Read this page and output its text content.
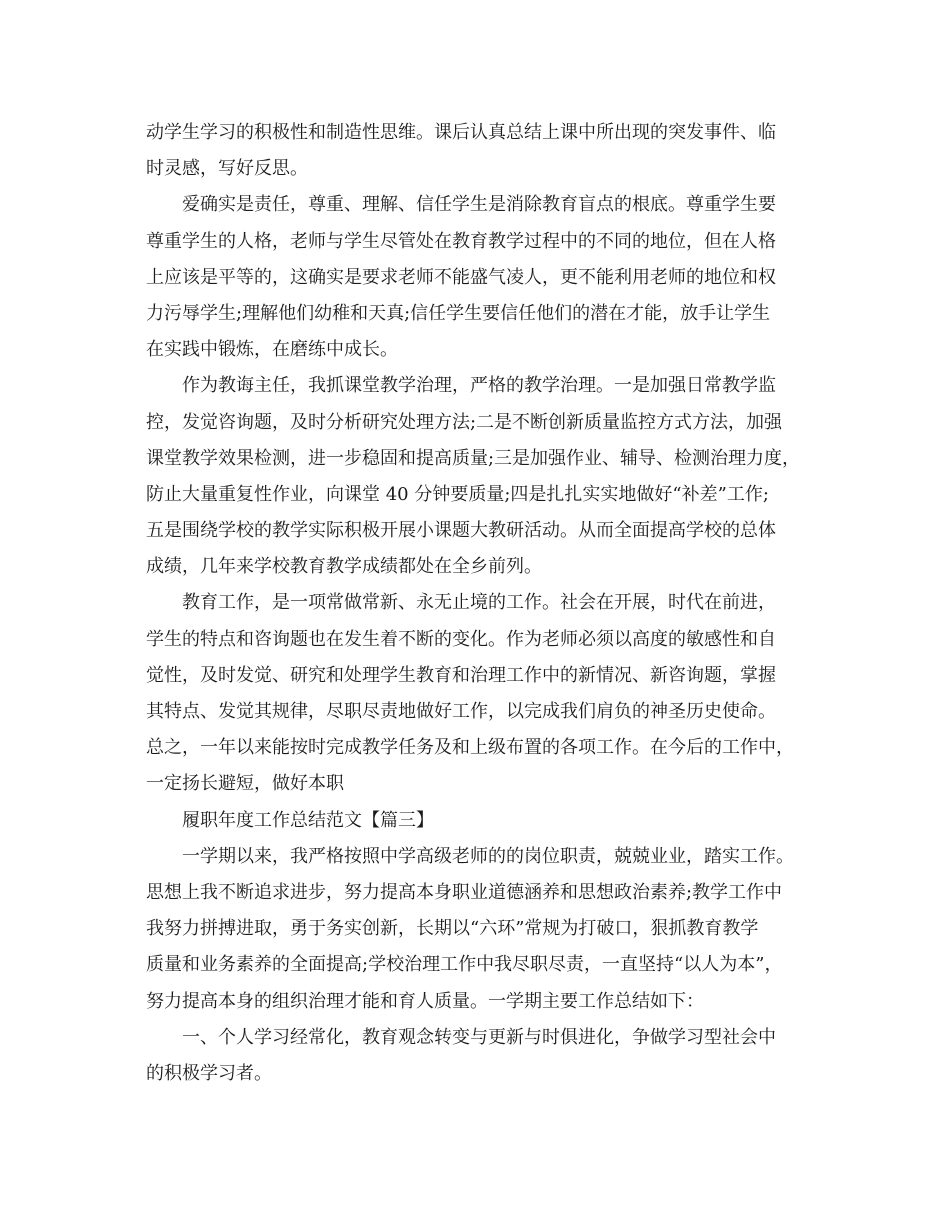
动学生学习的积极性和制造性思维。课后认真总结上课中所出现的突发事件、临
时灵感，写好反思。
爱确实是责任，尊重、理解、信任学生是消除教育盲点的根底。尊重学生要
尊重学生的人格，老师与学生尽管处在教育教学过程中的不同的地位，但在人格
上应该是平等的，这确实是要求老师不能盛气凌人，更不能利用老师的地位和权
力污辱学生;理解他们幼稚和天真;信任学生要信任他们的潜在才能，放手让学生
在实践中锻炼，在磨练中成长。
作为教诲主任，我抓课堂教学治理，严格的教学治理。一是加强日常教学监
控，发觉咨询题，及时分析研究处理方法;二是不断创新质量监控方式方法，加强
课堂教学效果检测，进一步稳固和提高质量;三是加强作业、辅导、检测治理力度，
防止大量重复性作业，向课堂 40 分钟要质量;四是扎扎实实地做好“补差”工作;
五是围绕学校的教学实际积极开展小课题大教研活动。从而全面提高学校的总体
成绩，几年来学校教育教学成绩都处在全乡前列。
教育工作，是一项常做常新、永无止境的工作。社会在开展，时代在前进，
学生的特点和咨询题也在发生着不断的变化。作为老师必须以高度的敏感性和自
觉性，及时发觉、研究和处理学生教育和治理工作中的新情况、新咨询题，掌握
其特点、发觉其规律，尽职尽责地做好工作，以完成我们肩负的神圣历史使命。
总之，一年以来能按时完成教学任务及和上级布置的各项工作。在今后的工作中，
一定扬长避短，做好本职
履职年度工作总结范文【篇三】
一学期以来，我严格按照中学高级老师的的岗位职责，兢兢业业，踏实工作。
思想上我不断追求进步，努力提高本身职业道德涵养和思想政治素养;教学工作中
我努力拼搏进取，勇于务实创新，长期以“六环”常规为打破口，狠抓教育教学
质量和业务素养的全面提高;学校治理工作中我尽职尽责，一直坚持“以人为本”，
努力提高本身的组织治理才能和育人质量。一学期主要工作总结如下：
一、个人学习经常化，教育观念转变与更新与时俱进化，争做学习型社会中
的积极学习者。
